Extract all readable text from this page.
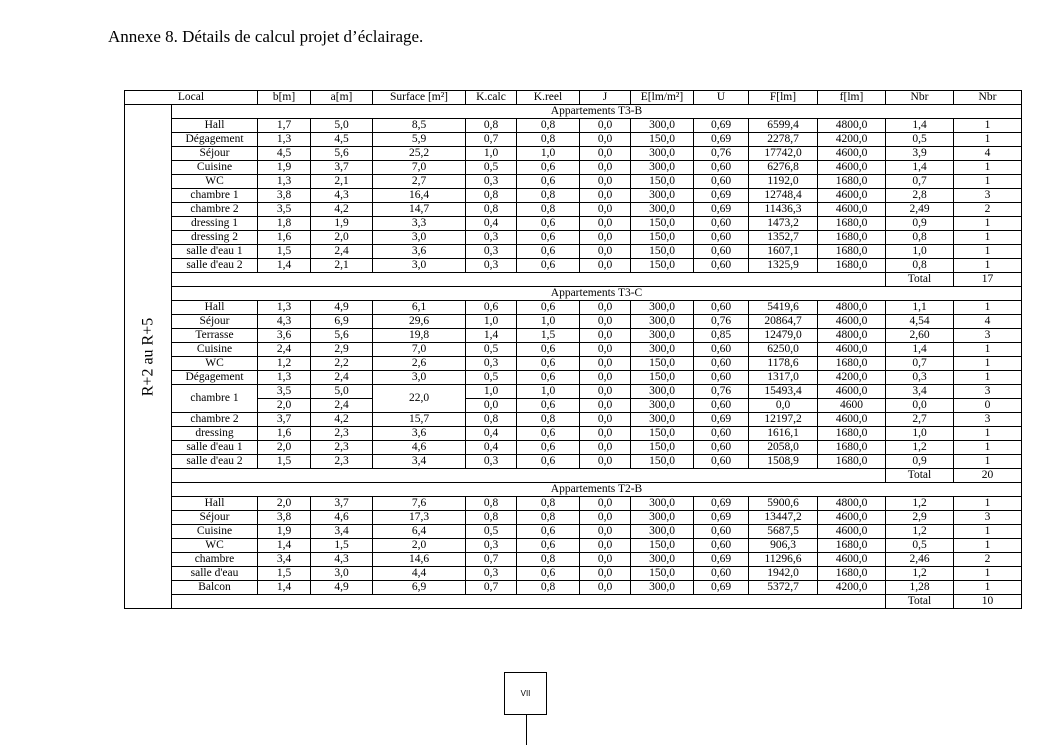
Annexe 8. Détails de calcul projet d’éclairage.
Local		b[m]	a[m]	Surface [m²]	K.calc	K.reel	J	E[lm/m²]	U	F[lm]	f[lm]	Nbr	Nbr

R+2 au R+5	Appartements T3-B												
	Hall	1,7	5,0	8,5	0,8	0,8	0,0	300,0	0,69	6599,4	4800,0	1,4	1
	Dégagement	1,3	4,5	5,9	0,7	0,8	0,0	150,0	0,69	2278,7	4200,0	0,5	1
	Séjour	4,5	5,6	25,2	1,0	1,0	0,0	300,0	0,76	17742,0	4600,0	3,9	4
	Cuisine	1,9	3,7	7,0	0,5	0,6	0,0	300,0	0,60	6276,8	4600,0	1,4	1
	WC	1,3	2,1	2,7	0,3	0,6	0,0	150,0	0,60	1192,0	1680,0	0,7	1
	chambre 1	3,8	4,3	16,4	0,8	0,8	0,0	300,0	0,69	12748,4	4600,0	2,8	3
	chambre 2	3,5	4,2	14,7	0,8	0,8	0,0	300,0	0,69	11436,3	4600,0	2,49	2
	dressing 1	1,8	1,9	3,3	0,4	0,6	0,0	150,0	0,60	1473,2	1680,0	0,9	1
	dressing 2	1,6	2,0	3,0	0,3	0,6	0,0	150,0	0,60	1352,7	1680,0	0,8	1
	salle d'eau 1	1,5	2,4	3,6	0,3	0,6	0,0	150,0	0,60	1607,1	1680,0	1,0	1
	salle d'eau 2	1,4	2,1	3,0	0,3	0,6	0,0	150,0	0,60	1325,9	1680,0	0,8	1
												Total	17
	Appartements T3-C												
	Hall	1,3	4,9	6,1	0,6	0,6	0,0	300,0	0,60	5419,6	4800,0	1,1	1
	Séjour	4,3	6,9	29,6	1,0	1,0	0,0	300,0	0,76	20864,7	4600,0	4,54	4
	Terrasse	3,6	5,6	19,8	1,4	1,5	0,0	300,0	0,85	12479,0	4800,0	2,60	3
	Cuisine	2,4	2,9	7,0	0,5	0,6	0,0	300,0	0,60	6250,0	4600,0	1,4	1
	WC	1,2	2,2	2,6	0,3	0,6	0,0	150,0	0,60	1178,6	1680,0	0,7	1
	Dégagement	1,3	2,4	3,0	0,5	0,6	0,0	150,0	0,60	1317,0	4200,0	0,3	1
	chambre 1	3,5	5,0	22,0	1,0	1,0	0,0	300,0	0,76	15493,4	4600,0	3,4	3
		2,0	2,4		0,0	0,6	0,0	300,0	0,60	0,0	4600	0,0	0
	chambre 2	3,7	4,2	15,7	0,8	0,8	0,0	300,0	0,69	12197,2	4600,0	2,7	3
	dressing	1,6	2,3	3,6	0,4	0,6	0,0	150,0	0,60	1616,1	1680,0	1,0	1
	salle d'eau 1	2,0	2,3	4,6	0,4	0,6	0,0	150,0	0,60	2058,0	1680,0	1,2	1
	salle d'eau 2	1,5	2,3	3,4	0,3	0,6	0,0	150,0	0,60	1508,9	1680,0	0,9	1
												Total	20
	Appartements T2-B												
	Hall	2,0	3,7	7,6	0,8	0,8	0,0	300,0	0,69	5900,6	4800,0	1,2	1
	Séjour	3,8	4,6	17,3	0,8	0,8	0,0	300,0	0,69	13447,2	4600,0	2,9	3
	Cuisine	1,9	3,4	6,4	0,5	0,6	0,0	300,0	0,60	5687,5	4600,0	1,2	1
	WC	1,4	1,5	2,0	0,3	0,6	0,0	150,0	0,60	906,3	1680,0	0,5	1
	chambre	3,4	4,3	14,6	0,7	0,8	0,0	300,0	0,69	11296,6	4600,0	2,46	2
	salle d'eau	1,5	3,0	4,4	0,3	0,6	0,0	150,0	0,60	1942,0	1680,0	1,2	1
	Balcon	1,4	4,9	6,9	0,7	0,8	0,0	300,0	0,69	5372,7	4200,0	1,28	1
												Total	10
VII
